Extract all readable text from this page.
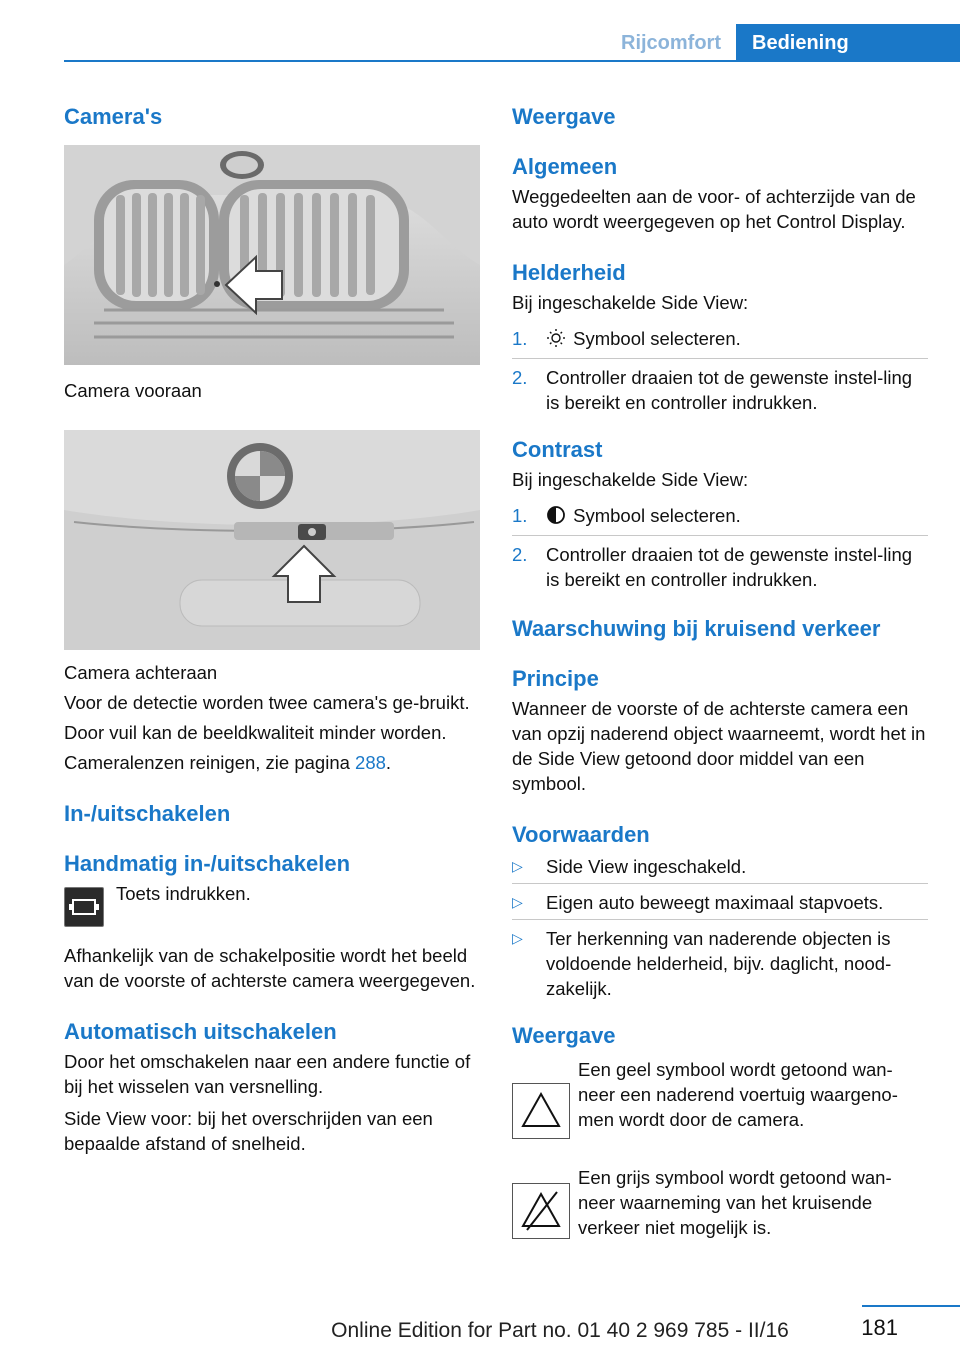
Rijcomfort	Bediening
Camera's

Camera vooraan

Camera achteraan

Voor de detectie worden twee camera's ge-bruikt.

Door vuil kan de beeldkwaliteit minder worden.

Cameralenzen reinigen, zie pagina 288.

In-/uitschakelen
Handmatig in-/uitschakelen
Toets indrukken.

Afhankelijk van de schakelpositie wordt het beeld van de voorste of achterste camera weergegeven.

Automatisch uitschakelen

Door het omschakelen naar een andere functie of bij het wisselen van versnelling.

Side View voor: bij het overschrijden van een bepaalde afstand of snelheid.

Weergave
Algemeen

Weggedeelten aan de voor- of achterzijde van de auto wordt weergegeven op het Control Display.

Helderheid

Bij ingeschakelde Side View:

1. Symbool selecteren.
2. Controller draaien tot de gewenste instel-ling is bereikt en controller indrukken.
Contrast

Bij ingeschakelde Side View:

1. Symbool selecteren.
2. Controller draaien tot de gewenste instel-ling is bereikt en controller indrukken.
Waarschuwing bij kruisend verkeer
Principe

Wanneer de voorste of de achterste camera een van opzij naderend object waarneemt, wordt het in de Side View getoond door middel van een symbool.

Voorwaarden
▷ Side View ingeschakeld.
▷ Eigen auto beweegt maximaal stapvoets.
▷ Ter herkenning van naderende objecten is voldoende helderheid, bijv. daglicht, nood-zakelijk.
Weergave

Een geel symbool wordt getoond wan-neer een naderend voertuig waargeno-men wordt door de camera.

Een grijs symbool wordt getoond wan-neer waarneming van het kruisende verkeer niet mogelijk is.

181
Online Edition for Part no. 01 40 2 969 785 - II/16
